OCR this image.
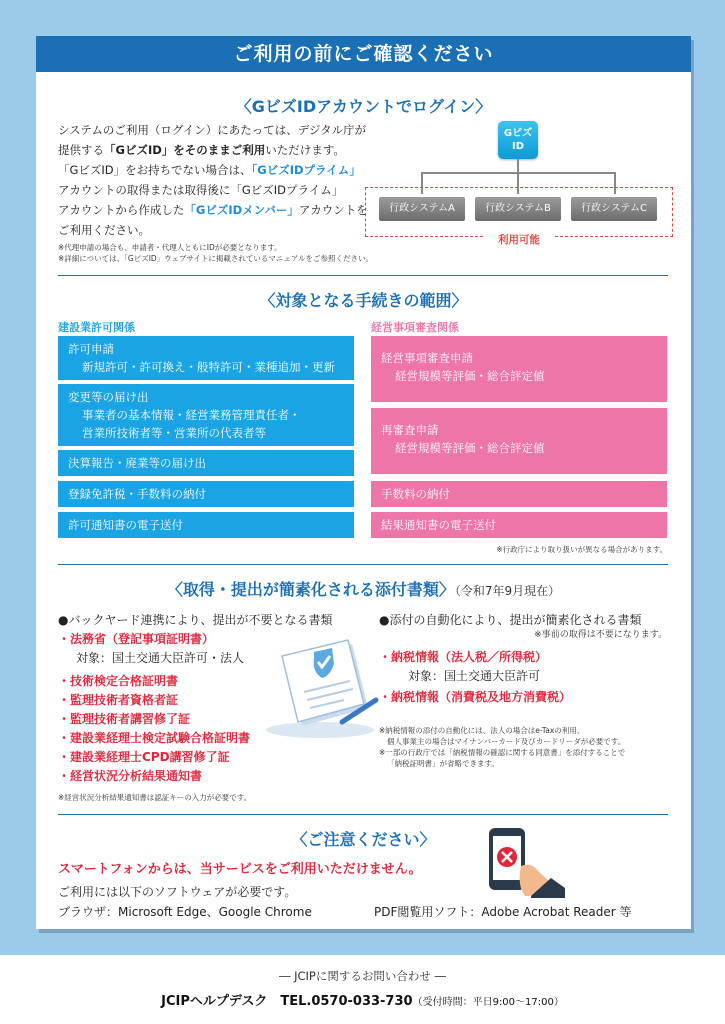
ご利用の前にご確認ください
〈GビズIDアカウントでログイン〉
システムのご利用（ログイン）にあたっては、デジタル庁が
提供する「GビズID」をそのままご利用いただけます。
「GビズID」をお持ちでない場合は、「GビズIDプライム」
アカウントの取得または取得後に「GビズIDプライム」
アカウントから作成した「GビズIDメンバー」アカウントを
ご利用ください。
※代理申請の場合も、申請者・代理人ともにIDが必要となります。
※詳細については、「GビズID」ウェブサイトに掲載されているマニュアルをご参照ください。
Gビズ
ID
行政システムA	行政システムB	行政システムC
利用可能
〈対象となる手続きの範囲〉
建設業許可関係	経営事項審査関係
許可申請
新規許可・許可換え・般特許可・業種追加・更新
変更等の届け出
事業者の基本情報・経営業務管理責任者・
営業所技術者等・営業所の代表者等
決算報告・廃業等の届け出
登録免許税・手数料の納付
許可通知書の電子送付
経営事項審査申請
経営規模等評価・総合評定値
再審査申請
経営規模等評価・総合評定値
手数料の納付
結果通知書の電子送付
※行政庁により取り扱いが異なる場合があります。
〈取得・提出が簡素化される添付書類〉（令和7年9月現在）
●バックヤード連携により、提出が不要となる書類
・法務省（登記事項証明書）
対象：国土交通大臣許可・法人
・技術検定合格証明書
・監理技術者資格者証
・監理技術者講習修了証
・建設業経理士検定試験合格証明書
・建設業経理士CPD講習修了証
・経営状況分析結果通知書
※経営状況分析結果通知書は認証キーの入力が必要です。
●添付の自動化により、提出が簡素化される書類
※事前の取得は不要になります。
・納税情報（法人税／所得税）
対象：国土交通大臣許可
・納税情報（消費税及地方消費税）
※納税情報の添付の自動化には、法人の場合はe-Taxの利用、
個人事業主の場合はマイナンバーカード及びカードリーダが必要です。
※一部の行政庁では「納税情報の確認に関する同意書」を添付することで
「納税証明書」が省略できます。
〈ご注意ください〉
スマートフォンからは、当サービスをご利用いただけません。
ご利用には以下のソフトウェアが必要です。
ブラウザ：Microsoft Edge、Google Chrome	PDF閲覧用ソフト：Adobe Acrobat Reader 等
― JCIPに関するお問い合わせ ―
JCIPヘルプデスク　TEL.0570-033-730（受付時間：平日9:00～17:00）
